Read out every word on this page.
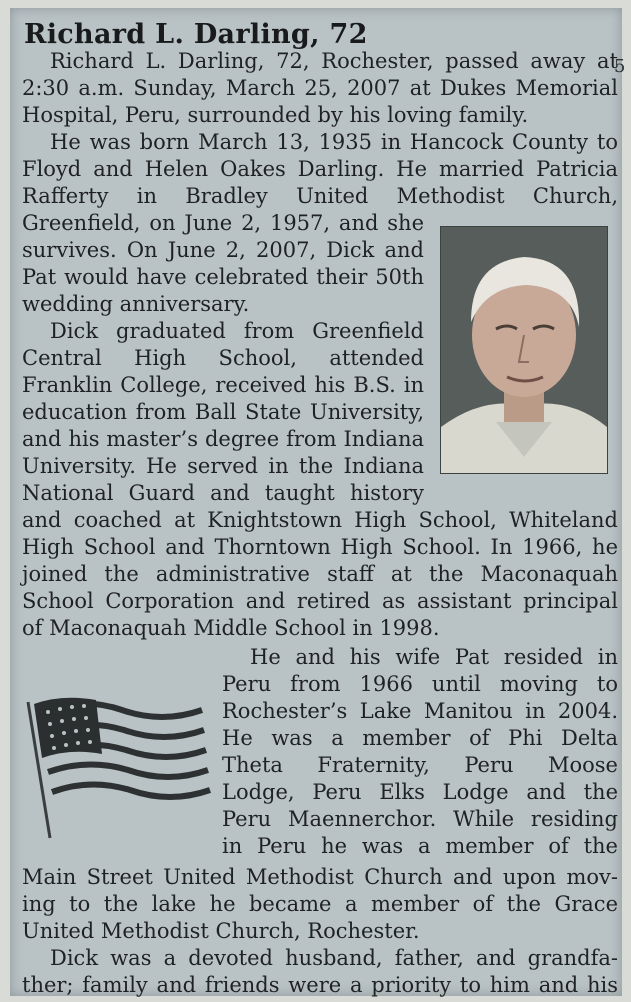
Richard L. Darling, 72
5
Richard L. Darling, 72, Rochester, passed away at
2:30 a.m. Sunday, March 25, 2007 at Dukes Memorial
Hospital, Peru, surrounded by his loving family.
He was born March 13, 1935 in Hancock County to
Floyd and Helen Oakes Darling. He married Patricia
Rafferty in Bradley United Methodist Church,
Greenfield, on June 2, 1957, and she
survives. On June 2, 2007, Dick and
Pat would have celebrated their 50th
wedding anniversary.
Dick graduated from Greenfield
Central High School, attended
Franklin College, received his B.S. in
education from Ball State University,
and his master’s degree from Indiana
University. He served in the Indiana
National Guard and taught history
and coached at Knightstown High School, Whiteland
High School and Thorntown High School. In 1966, he
joined the administrative staff at the Maconaquah
School Corporation and retired as assistant principal
of Maconaquah Middle School in 1998.
He and his wife Pat resided in
Peru from 1966 until moving to
Rochester’s Lake Manitou in 2004.
He was a member of Phi Delta
Theta Fraternity, Peru Moose
Lodge, Peru Elks Lodge and the
Peru Maennerchor. While residing
in Peru he was a member of the
Main Street United Methodist Church and upon mov-
ing to the lake he became a member of the Grace
United Methodist Church, Rochester.
Dick was a devoted husband, father, and grandfa-
ther; family and friends were a priority to him and his
